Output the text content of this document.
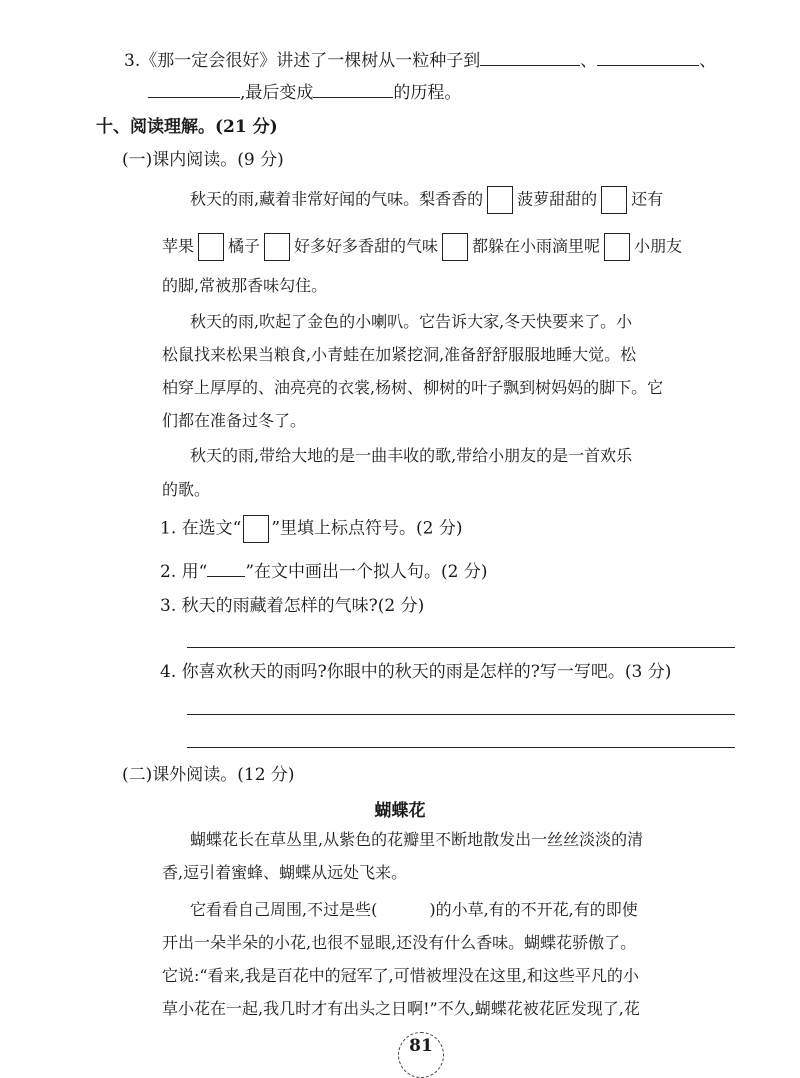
3.《那一定会很好》讲述了一棵树从一粒种子到	、	、
,最后变成	的历程。
十、阅读理解。(21 分)
(一)课内阅读。(9 分)
秋天的雨,藏着非常好闻的气味。梨香香的 菠萝甜甜的 还有
苹果 橘子 好多好多香甜的气味 都躲在小雨滴里呢 小朋友
的脚,常被那香味勾住。
秋天的雨,吹起了金色的小喇叭。它告诉大家,冬天快要来了。小
松鼠找来松果当粮食,小青蛙在加紧挖洞,准备舒舒服服地睡大觉。松
柏穿上厚厚的、油亮亮的衣裳,杨树、柳树的叶子飘到树妈妈的脚下。它
们都在准备过冬了。
秋天的雨,带给大地的是一曲丰收的歌,带给小朋友的是一首欢乐
的歌。
1. 在选文“ ”里填上标点符号。(2 分)
2. 用“ ”在文中画出一个拟人句。(2 分)
3. 秋天的雨藏着怎样的气味?(2 分)
4. 你喜欢秋天的雨吗?你眼中的秋天的雨是怎样的?写一写吧。(3 分)
(二)课外阅读。(12 分)
蝴蝶花
蝴蝶花长在草丛里,从紫色的花瓣里不断地散发出一丝丝淡淡的清
香,逗引着蜜蜂、蝴蝶从远处飞来。
它看看自己周围,不过是些(	)的小草,有的不开花,有的即使
开出一朵半朵的小花,也很不显眼,还没有什么香味。蝴蝶花骄傲了。
它说:“看来,我是百花中的冠军了,可惜被埋没在这里,和这些平凡的小
草小花在一起,我几时才有出头之日啊!”不久,蝴蝶花被花匠发现了,花
81
